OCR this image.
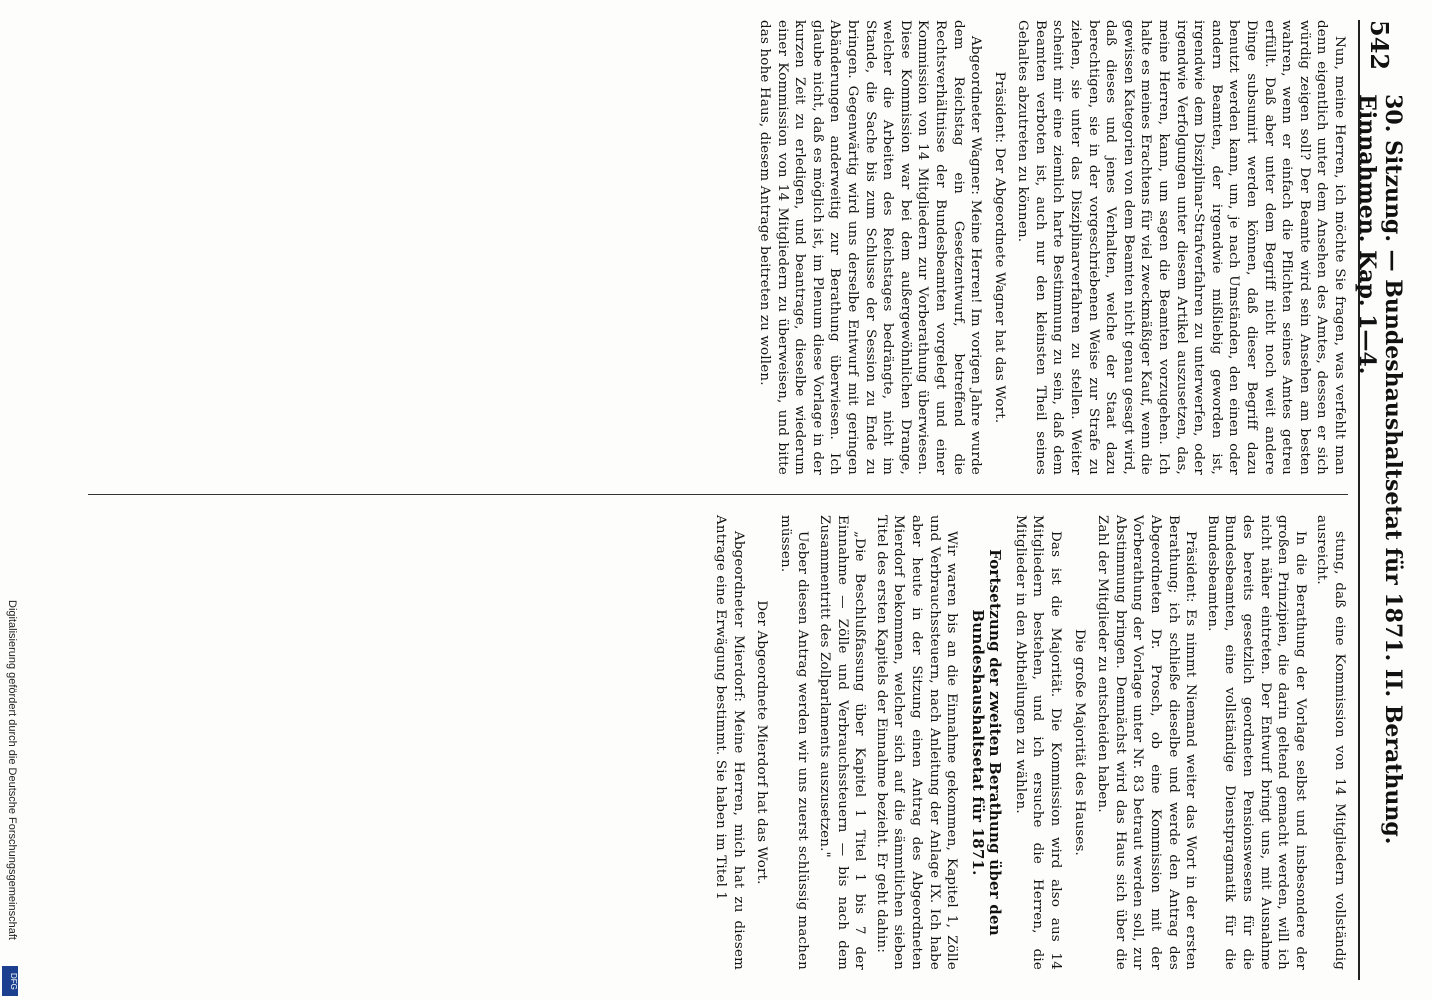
542
30. Sitzung. — Bundeshaushaltsetat für 1871. II. Berathung. Einnahmen. Kap. 1—4.

Nun, meine Herren, ich möchte Sie fragen, was verfehlt man denn eigentlich unter dem Ansehen des Amtes, dessen er sich würdig zeigen soll? Der Beamte wird sein Ansehen am besten wahren, wenn er einfach die Pflichten seines Amtes getreu erfüllt. Daß aber unter dem Begriff nicht noch weit andere Dinge subsumirt werden können, daß dieser Begriff dazu benutzt werden kann, um, je nach Umständen, den einen oder andern Beamten, der irgendwie mißliebig geworden ist, irgendwie dem Disziplinar-Strafverfahren zu unterwerfen, oder irgendwie Verfolgungen unter diesem Artikel auszusetzen, das, meine Herren, kann, um sagen die Beamten vorzugehen. Ich halte es meines Erachtens für viel zweckmäßiger Kauf, wenn die gewissen Kategorien von dem Beamten nicht genau gesagt wird, daß dieses und jenes Verhalten, welche der Staat dazu berechtigen, sie in der vorgeschriebenen Weise zur Strafe zu ziehen, sie unter das Disziplinarverfahren zu stellen. Weiter scheint mir eine ziemlich harte Bestimmung zu sein, daß dem Beamten verboten ist, auch nur den kleinsten Theil seines Gehaltes abzutreten zu können.

Präsident: Der Abgeordnete Wagner hat das Wort.

Abgeordneter Wagner: Meine Herren! Im vorigen Jahre wurde dem Reichstag ein Gesetzentwurf, betreffend die Rechtsverhältnisse der Bundesbeamten vorgelegt und einer Kommission von 14 Mitgliedern zur Vorberathung überwiesen. Diese Kommission war bei dem außergewöhnlichen Drange, welcher die Arbeiten des Reichstages bedrängte, nicht im Stande, die Sache bis zum Schlusse der Session zu Ende zu bringen. Gegenwärtig wird uns derselbe Entwurf mit geringen Abänderungen anderweitig zur Berathung überwiesen. Ich glaube nicht, daß es möglich ist, im Plenum diese Vorlage in der kurzen Zeit zu erledigen, und beantrage, dieselbe wiederum einer Kommission von 14 Mitgliedern zu überweisen, und bitte das hohe Haus, diesem Antrage beitreten zu wollen.

stung, daß eine Kommission von 14 Mitgliedern vollständig ausreicht.

In die Berathung der Vorlage selbst und insbesondere der großen Prinzipien, die darin geltend gemacht werden, will ich nicht näher eintreten. Der Entwurf bringt uns, mit Ausnahme des bereits gesetzlich geordneten Pensionswesens für die Bundesbeamten, eine vollständige Dienstpragmatik für die Bundesbeamten.

Präsident: Es nimmt Niemand weiter das Wort in der ersten Berathung; ich schließe dieselbe und werde den Antrag des Abgeordneten Dr. Prosch, ob eine Kommission mit der Vorberathung der Vorlage unter Nr. 83 betraut werden soll, zur Abstimmung bringen. Demnächst wird das Haus sich über die Zahl der Mitglieder zu entscheiden haben.

Die große Majorität des Hauses.

Das ist die Majorität. Die Kommission wird also aus 14 Mitgliedern bestehen, und ich ersuche die Herren, die Mitglieder in den Abtheilungen zu wählen.

Fortsetzung der zweiten Berathung über den Bundeshaushaltsetat für 1871.

Wir waren bis an die Einnahme gekommen, Kapitel 1, Zölle und Verbrauchssteuern, nach Anleitung der Anlage IX. Ich habe aber heute in der Sitzung einen Antrag des Abgeordneten Mierdorf bekommen, welcher sich auf die sämmtlichen sieben Titel des ersten Kapitels der Einnahme bezieht. Er geht dahin:

„Die Beschlußfassung über Kapitel 1 Titel 1 bis 7 der Einnahme — Zölle und Verbrauchssteuern — bis nach dem Zusammentritt des Zollparlaments auszusetzen."

Ueber diesen Antrag werden wir uns zuerst schlüssig machen müssen.

Der Abgeordnete Mierdorf hat das Wort.

Abgeordneter Mierdorf: Meine Herren, mich hat zu diesem Antrage eine Erwägung bestimmt. Sie haben im Titel 1

Digitalisierung gefördert durch die Deutsche Forschungsgemeinschaft
DFG
